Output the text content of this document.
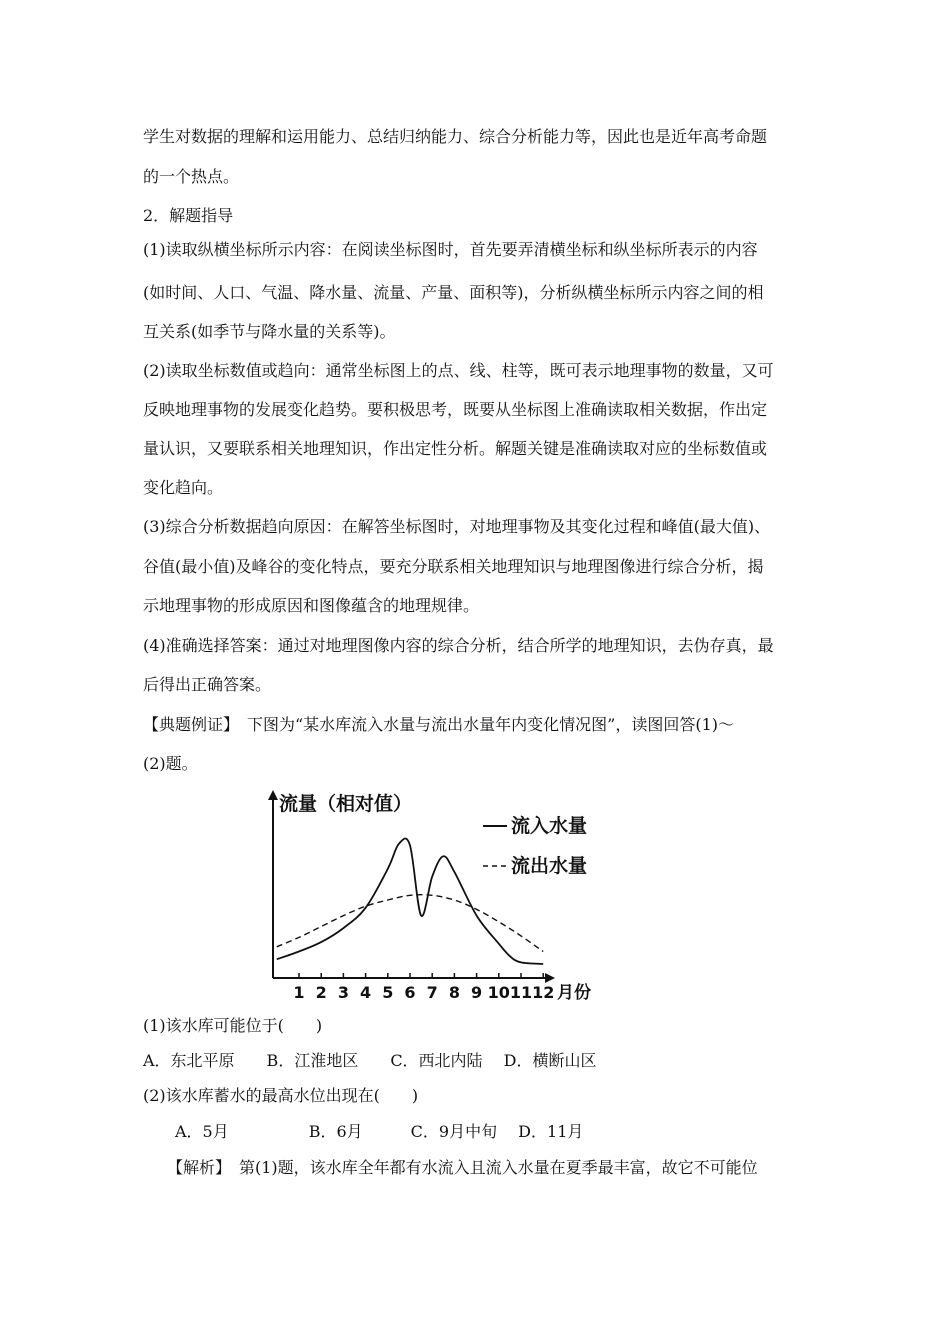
学生对数据的理解和运用能力、总结归纳能力、综合分析能力等，因此也是近年高考命题
的一个热点。
2．解题指导
(1)读取纵横坐标所示内容：在阅读坐标图时，首先要弄清横坐标和纵坐标所表示的内容
(如时间、人口、气温、降水量、流量、产量、面积等)，分析纵横坐标所示内容之间的相
互关系(如季节与降水量的关系等)。
(2)读取坐标数值或趋向：通常坐标图上的点、线、柱等，既可表示地理事物的数量，又可
反映地理事物的发展变化趋势。要积极思考，既要从坐标图上准确读取相关数据，作出定
量认识，又要联系相关地理知识，作出定性分析。解题关键是准确读取对应的坐标数值或
变化趋向。
(3)综合分析数据趋向原因：在解答坐标图时，对地理事物及其变化过程和峰值(最大值)、
谷值(最小值)及峰谷的变化特点，要充分联系相关地理知识与地理图像进行综合分析，揭
示地理事物的形成原因和图像蕴含的地理规律。
(4)准确选择答案：通过对地理图像内容的综合分析，结合所学的地理知识，去伪存真，最
后得出正确答案。
【典题例证】　下图为“某水库流入水量与流出水量年内变化情况图”，读图回答(1)～
(2)题。
流量（相对值）
1 2 3 4 5 6 7 8 9 10 11 12 月份
流入水量
流出水量
(1)该水库可能位于(　　)
A．东北平原　　B．江淮地区　　C．西北内陆　 D．横断山区
(2)该水库蓄水的最高水位出现在(　　)
　　A．5月　　　　　B．6月　　　C．9月中旬　 D．11月
　　【解析】　第(1)题，该水库全年都有水流入且流入水量在夏季最丰富，故它不可能位
